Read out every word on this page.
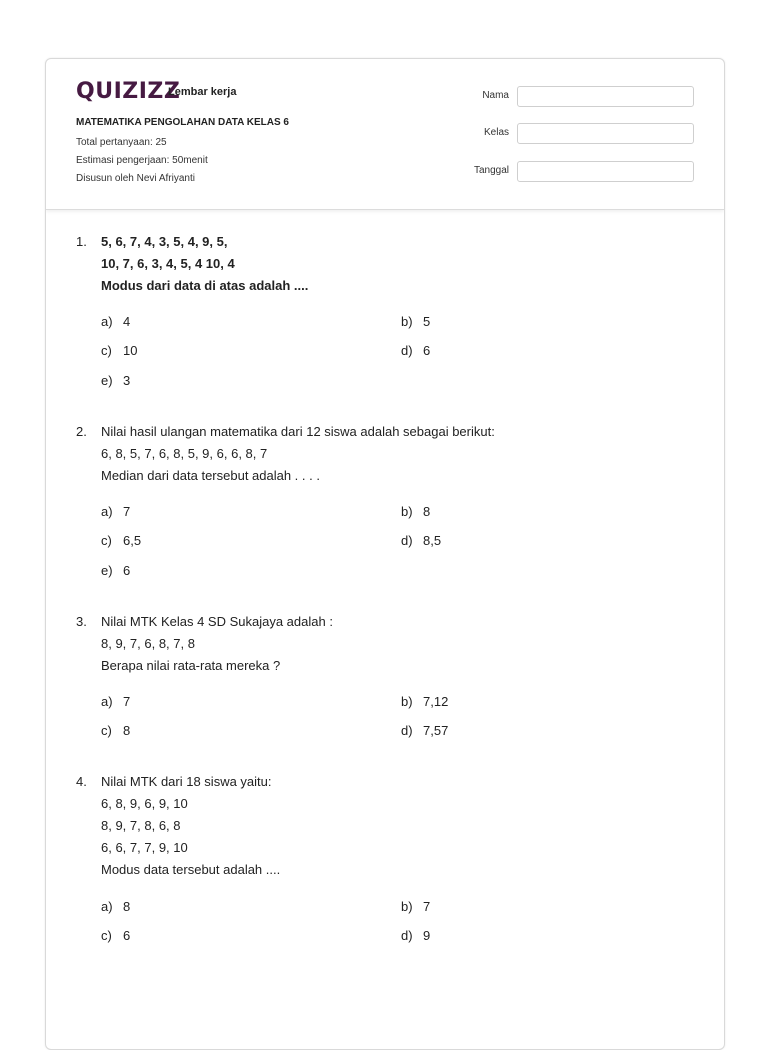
QUIZIZZ
Lembar kerja
MATEMATIKA PENGOLAHAN DATA KELAS 6
Total pertanyaan: 25
Estimasi pengerjaan: 50menit
Disusun oleh Nevi Afriyanti
Nama
Kelas
Tanggal
1. 5, 6, 7, 4, 3, 5, 4, 9, 5,
10, 7, 6, 3, 4, 5, 4 10, 4
Modus dari data di atas adalah ....
a) 4	b) 5
c) 10	d) 6
e) 3
2. Nilai hasil ulangan matematika dari 12 siswa adalah sebagai berikut:
6, 8, 5, 7, 6, 8, 5, 9, 6, 6, 8, 7
Median dari data tersebut adalah . . . .
a) 7	b) 8
c) 6,5	d) 8,5
e) 6
3. Nilai MTK Kelas 4 SD Sukajaya adalah :
8, 9, 7, 6, 8, 7, 8
Berapa nilai rata-rata mereka ?
a) 7	b) 7,12
c) 8	d) 7,57
4. Nilai MTK dari 18 siswa yaitu:
6, 8, 9, 6, 9, 10
8, 9, 7, 8, 6, 8
6, 6, 7, 7, 9, 10
Modus data tersebut adalah ....
a) 8	b) 7
c) 6	d) 9
